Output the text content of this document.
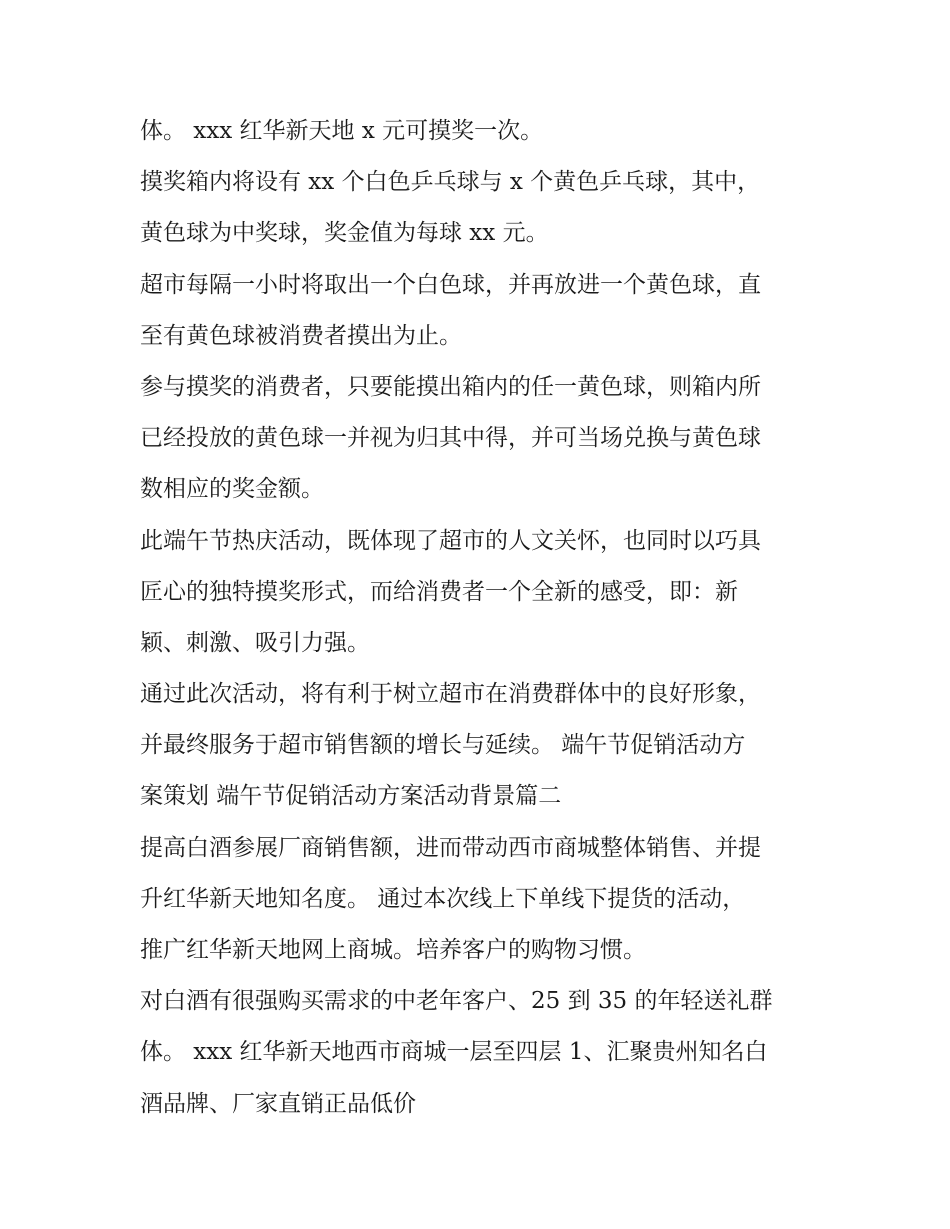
体。 xxx 红华新天地 x 元可摸奖一次。
摸奖箱内将设有 xx 个白色乒乓球与 x 个黄色乒乓球，其中，
黄色球为中奖球，奖金值为每球 xx 元。
超市每隔一小时将取出一个白色球，并再放进一个黄色球，直
至有黄色球被消费者摸出为止。
参与摸奖的消费者，只要能摸出箱内的任一黄色球，则箱内所
已经投放的黄色球一并视为归其中得，并可当场兑换与黄色球
数相应的奖金额。
此端午节热庆活动，既体现了超市的人文关怀，也同时以巧具
匠心的独特摸奖形式，而给消费者一个全新的感受，即：新
颖、刺激、吸引力强。
通过此次活动，将有利于树立超市在消费群体中的良好形象，
并最终服务于超市销售额的增长与延续。 端午节促销活动方
案策划 端午节促销活动方案活动背景篇二
提高白酒参展厂商销售额，进而带动西市商城整体销售、并提
升红华新天地知名度。 通过本次线上下单线下提货的活动，
推广红华新天地网上商城。培养客户的购物习惯。
对白酒有很强购买需求的中老年客户、25 到 35 的年轻送礼群
体。 xxx 红华新天地西市商城一层至四层 1、汇聚贵州知名白
酒品牌、厂家直销正品低价
